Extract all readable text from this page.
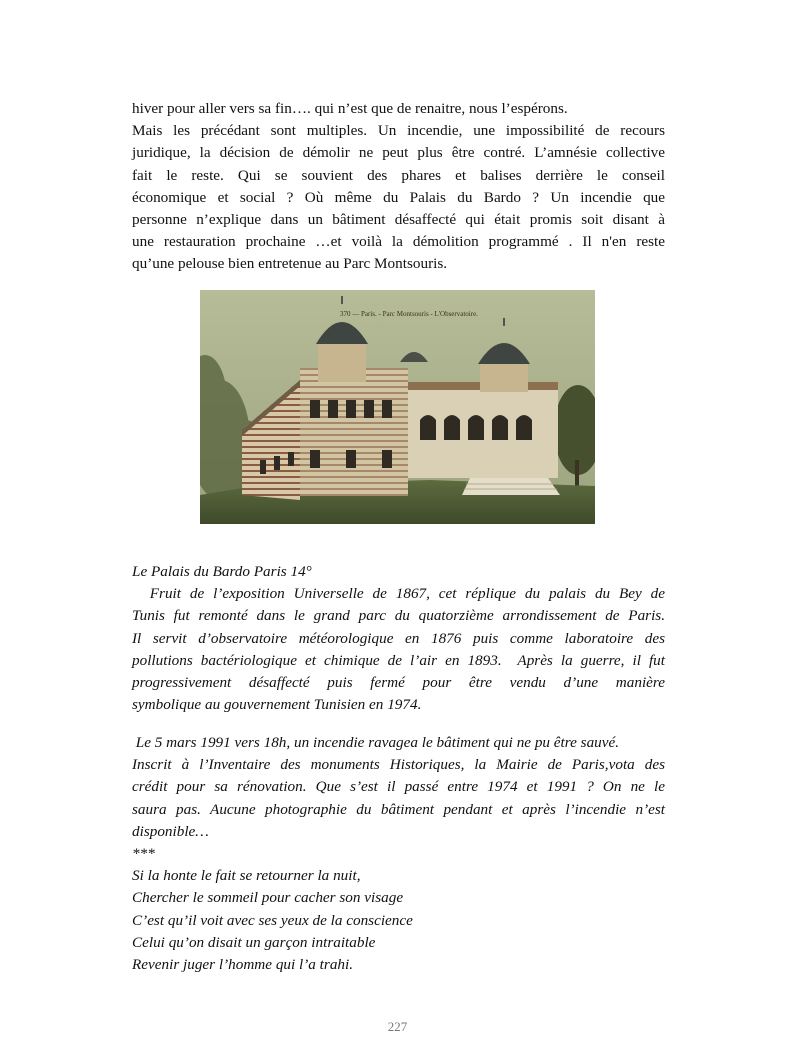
hiver pour aller vers sa fin…. qui n’est que de renaitre, nous l’espérons.
Mais les précédant sont multiples. Un incendie, une impossibilité de recours
juridique, la décision de démolir ne peut plus être contré. L’amnésie collective
fait le reste. Qui se souvient des phares et balises derrière le conseil
économique et social ? Où même du Palais du Bardo ? Un incendie que
personne n’explique dans un bâtiment désaffecté qui était promis soit disant à
une restauration prochaine …et voilà la démolition programmé . Il n'en reste
qu’une pelouse bien entretenue au Parc Montsouris.
370 — Paris. - Parc Montsouris - L'Observatoire.
Le Palais du Bardo Paris 14°
Fruit de l’exposition Universelle de 1867, cet réplique du palais du Bey de
Tunis fut remonté dans le grand parc du quatorzième arrondissement de Paris.
Il servit d’observatoire météorologique en 1876 puis comme laboratoire des
pollutions bactériologique et chimique de l’air en 1893.  Après la guerre, il fut
progressivement désaffecté puis fermé pour être vendu d’une manière
symbolique au gouvernement Tunisien en 1974.
Le 5 mars 1991 vers 18h, un incendie ravagea le bâtiment qui ne pu être sauvé.
Inscrit à l’Inventaire des monuments Historiques, la Mairie de Paris,vota des
crédit pour sa rénovation. Que s’est il passé entre 1974 et 1991 ? On ne le
saura pas. Aucune photographie du bâtiment pendant et après l’incendie n’est
disponible…
***
Si la honte le fait se retourner la nuit,
Chercher le sommeil pour cacher son visage
C’est qu’il voit avec ses yeux de la conscience
Celui qu’on disait un garçon intraitable
Revenir juger l’homme qui l’a trahi.
227
